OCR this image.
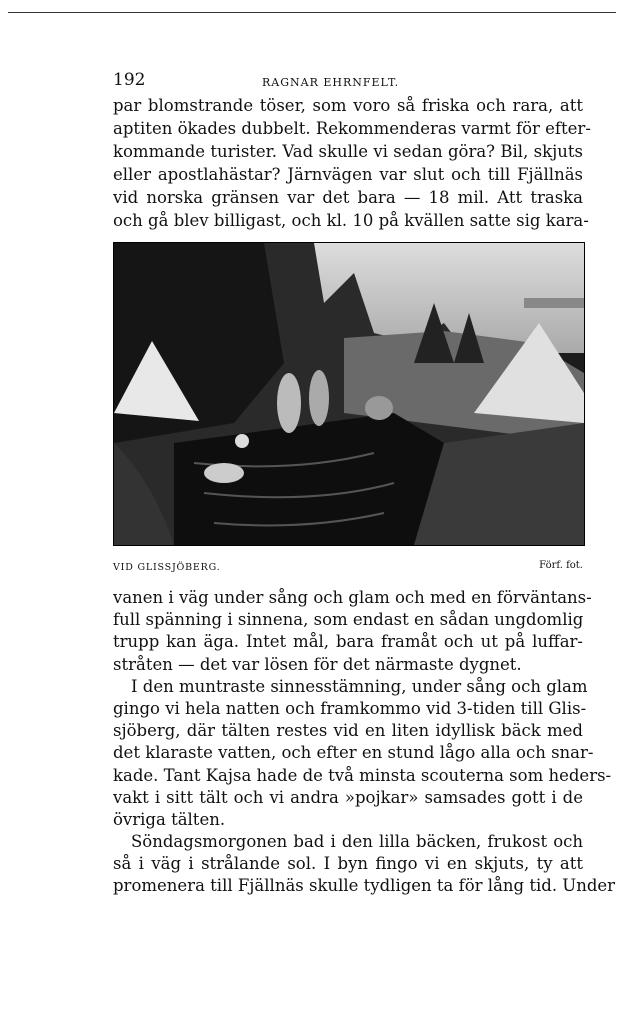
192	RAGNAR EHRNFELT.
par blomstrande töser, som voro så friska och rara, att
aptiten ökades dubbelt. Rekommenderas varmt för efter-
kommande turister. Vad skulle vi sedan göra? Bil, skjuts
eller apostlahästar? Järnvägen var slut och till Fjällnäs
vid norska gränsen var det bara — 18 mil. Att traska
och gå blev billigast, och kl. 10 på kvällen satte sig kara-
VID GLISSJÖBERG.	Förf. fot.
vanen i väg under sång och glam och med en förväntans-
full spänning i sinnena, som endast en sådan ungdomlig
trupp kan äga. Intet mål, bara framåt och ut på luffar-
stråten — det var lösen för det närmaste dygnet.
I den muntraste sinnesstämning, under sång och glam
gingo vi hela natten och framkommo vid 3-tiden till Glis-
sjöberg, där tälten restes vid en liten idyllisk bäck med
det klaraste vatten, och efter en stund lågo alla och snar-
kade. Tant Kajsa hade de två minsta scouterna som heders-
vakt i sitt tält och vi andra »pojkar» samsades gott i de
övriga tälten.
Söndagsmorgonen bad i den lilla bäcken, frukost och
så i väg i strålande sol. I byn fingo vi en skjuts, ty att
promenera till Fjällnäs skulle tydligen ta för lång tid. Under
